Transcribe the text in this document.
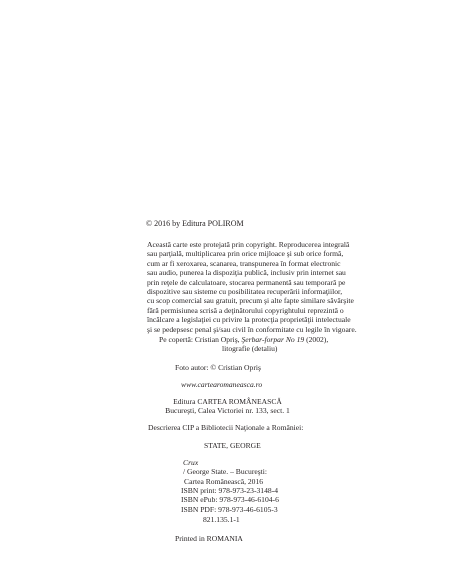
© 2016 by Editura POLIROM
Această carte este protejată prin copyright. Reproducerea integrală
sau parţială, multiplicarea prin orice mijloace şi sub orice formă,
cum ar fi xeroxarea, scanarea, transpunerea în format electronic
sau audio, punerea la dispoziţia publică, inclusiv prin internet sau
prin reţele de calculatoare, stocarea permanentă sau temporară pe
dispozitive sau sisteme cu posibilitatea recuperării informaţiilor,
cu scop comercial sau gratuit, precum şi alte fapte similare săvârşite
fără permisiunea scrisă a deţinătorului copyrightului reprezintă o
încălcare a legislaţiei cu privire la protecţia proprietăţii intelectuale
şi se pedepsesc penal şi/sau civil în conformitate cu legile în vigoare.
Pe copertă: Cristian Opriş, Şerbar-forpar No 19 (2002),
litografie (detaliu)
Foto autor: © Cristian Opriş
www.cartearomaneasca.ro
Editura CARTEA ROMÂNEASCĂ
Bucureşti, Calea Victoriei nr. 133, sect. 1
Descrierea CIP a Bibliotecii Naţionale a României:
STATE, GEORGE
Crux
/ George State. – Bucureşti:
Cartea Românească, 2016
ISBN print: 978-973-23-3148-4
ISBN ePub: 978-973-46-6104-6
ISBN PDF: 978-973-46-6105-3
821.135.1-1
Printed in ROMANIA
